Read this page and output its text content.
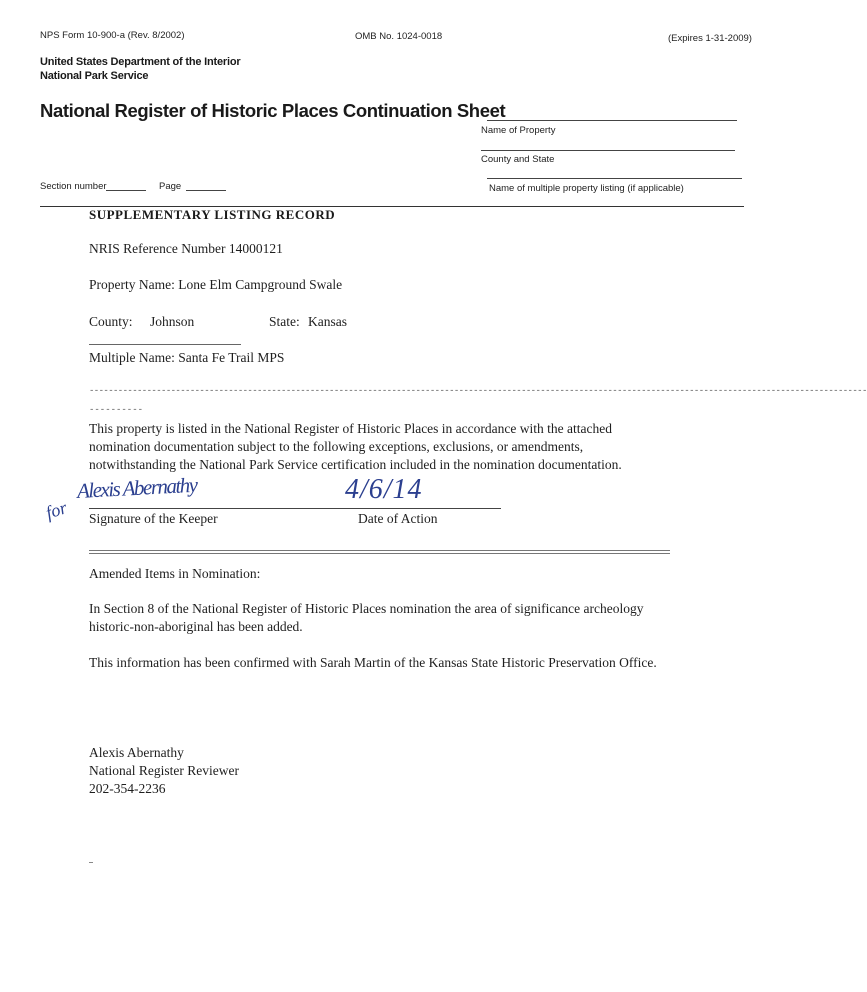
NPS Form 10-900-a (Rev. 8/2002)	OMB No. 1024-0018	(Expires 1-31-2009)
United States Department of the Interior
National Park Service
National Register of Historic Places Continuation Sheet
Name of Property
County and State
Section number	Page	Name of multiple property listing (if applicable)
SUPPLEMENTARY LISTING RECORD
NRIS Reference Number 14000121
Property Name: Lone Elm Campground Swale
County: Johnson	State: Kansas
Multiple Name: Santa Fe Trail MPS
------------------------------------------------------------------------------------------------------------------------------------------------------------------
----------
This property is listed in the National Register of Historic Places in accordance with the attached
nomination documentation subject to the following exceptions, exclusions, or amendments,
notwithstanding the National Park Service certification included in the nomination documentation.
for
Alexis Abernathy
Signature of the Keeper
4/6/14
Date of Action
Amended Items in Nomination:
In Section 8 of the National Register of Historic Places nomination the area of significance archeology
historic-non-aboriginal has been added.
This information has been confirmed with Sarah Martin of the Kansas State Historic Preservation Office.
Alexis Abernathy
National Register Reviewer
202-354-2236
